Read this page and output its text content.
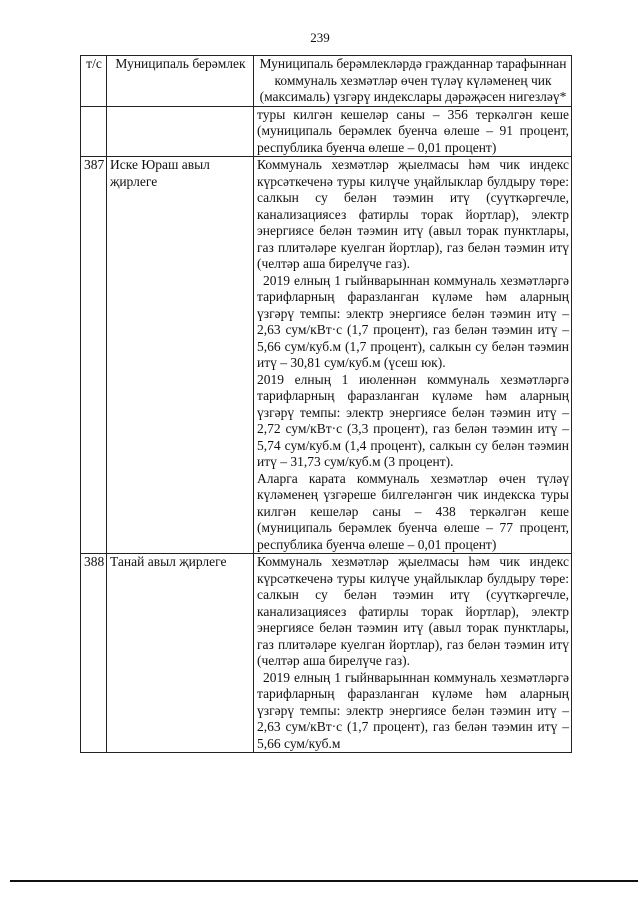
239
т/с	Муниципаль берәмлек	Муниципаль берәмлекләрдә гражданнар тарафыннан коммуналь хезмәтләр өчен түләү күләменең чик (максималь) үзгәрү индекслары дәрәҗәсен нигезләү*
		туры килгән кешеләр саны – 356 теркәлгән кеше (муниципаль берәмлек буенча өлеше – 91 процент, республика буенча өлеше – 0,01 процент)
387	Иске Юраш авыл җирлеге	Коммуналь хезмәтләр җыелмасы һәм чик индекс күрсәткеченә туры килүче уңайлыклар булдыру төре: салкын су белән тәэмин итү (суүткәргечле, канализациясез фатирлы торак йортлар), электр энергиясе белән тәэмин итү (авыл торак пунктлары, газ плитәләре куелган йортлар), газ белән тәэмин итү (челтәр аша бирелүче газ).
2019 елның 1 гыйнварыннан коммуналь хезмәтләргә тарифларның фаразланган күләме һәм аларның үзгәрү темпы: электр энергиясе белән тәэмин итү – 2,63 сум/кВт·с (1,7 процент), газ белән тәэмин итү – 5,66 сум/куб.м (1,7 процент), салкын су белән тәэмин итү – 30,81 сум/куб.м (үсеш юк).
2019 елның 1 июленнән коммуналь хезмәтләргә тарифларның фаразланган күләме һәм аларның үзгәрү темпы: электр энергиясе белән тәэмин итү – 2,72 сум/кВт·с (3,3 процент), газ белән тәэмин итү – 5,74 сум/куб.м (1,4 процент), салкын су белән тәэмин итү – 31,73 сум/куб.м (3 процент).
Аларга карата коммуналь хезмәтләр өчен түләү күләменең үзгәреше билгеләнгән чик индекска туры килгән кешеләр саны – 438 теркәлгән кеше (муниципаль берәмлек буенча өлеше – 77 процент, республика буенча өлеше – 0,01 процент)

388	Танай авыл җирлеге	Коммуналь хезмәтләр җыелмасы һәм чик индекс күрсәткеченә туры килүче уңайлыклар булдыру төре: салкын су белән тәэмин итү (суүткәргечле, канализациясез фатирлы торак йортлар), электр энергиясе белән тәэмин итү (авыл торак пунктлары, газ плитәләре куелган йортлар), газ белән тәэмин итү (челтәр аша бирелүче газ).
2019 елның 1 гыйнварыннан коммуналь хезмәтләргә тарифларның фаразланган күләме һәм аларның үзгәрү темпы: электр энергиясе белән тәэмин итү – 2,63 сум/кВт·с (1,7 процент), газ белән тәэмин итү – 5,66 сум/куб.м
